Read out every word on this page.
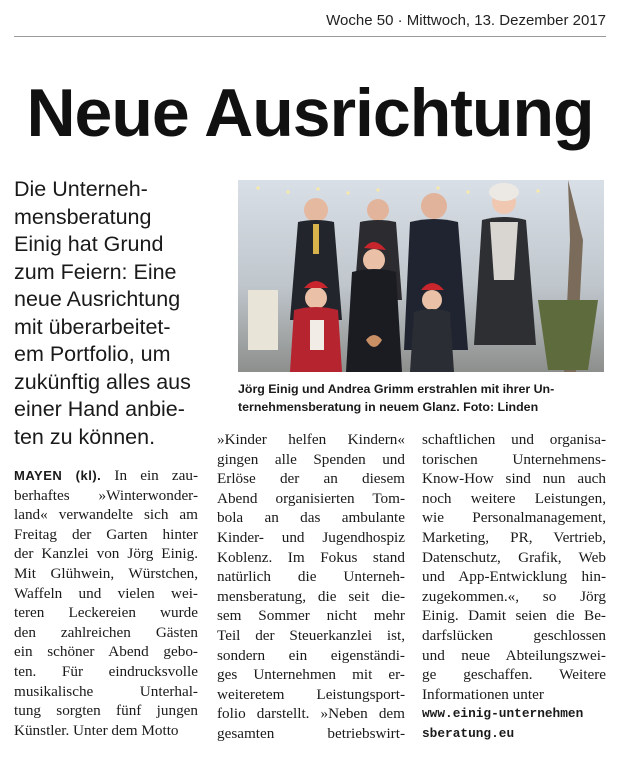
Woche 50 · Mittwoch, 13. Dezember 2017
Neue Ausrichtung
Die Unterneh-
mensberatung
Einig hat Grund
zum Feiern: Eine
neue Ausrichtung
mit überarbeitet-
em Portfolio, um
zukünftig alles aus
einer Hand anbie-
ten zu können.
Jörg Einig und Andrea Grimm erstrahlen mit ihrer Un-
ternehmensberatung in neuem Glanz. Foto: Linden
MAYEN (kl). In ein zau-
berhaftes »Winterwonder-
land« verwandelte sich am
Freitag der Garten hinter
der Kanzlei von Jörg Einig.
Mit Glühwein, Würstchen,
Waffeln und vielen wei-
teren Leckereien wurde
den zahlreichen Gästen
ein schöner Abend gebo-
ten. Für eindrucksvolle
musikalische Unterhal-
tung sorgten fünf jungen
Künstler. Unter dem Motto
»Kinder helfen Kindern«
gingen alle Spenden und
Erlöse der an diesem
Abend organisierten Tom-
bola an das ambulante
Kinder- und Jugendhospiz
Koblenz. Im Fokus stand
natürlich die Unterneh-
mensberatung, die seit die-
sem Sommer nicht mehr
Teil der Steuerkanzlei ist,
sondern ein eigenständi-
ges Unternehmen mit er-
weiteretem Leistungsport-
folio darstellt. »Neben dem
gesamten betriebswirt-
schaftlichen und organisa-
torischen Unternehmens-
Know-How sind nun auch
noch weitere Leistungen,
wie Personalmanagement,
Marketing, PR, Vertrieb,
Datenschutz, Grafik, Web
und App-Entwicklung hin-
zugekommen.«, so Jörg
Einig. Damit seien die Be-
darfslücken geschlossen
und neue Abteilungszwei-
ge geschaffen. Weitere
Informationen unter
www.einig-unternehmen
sberatung.eu
